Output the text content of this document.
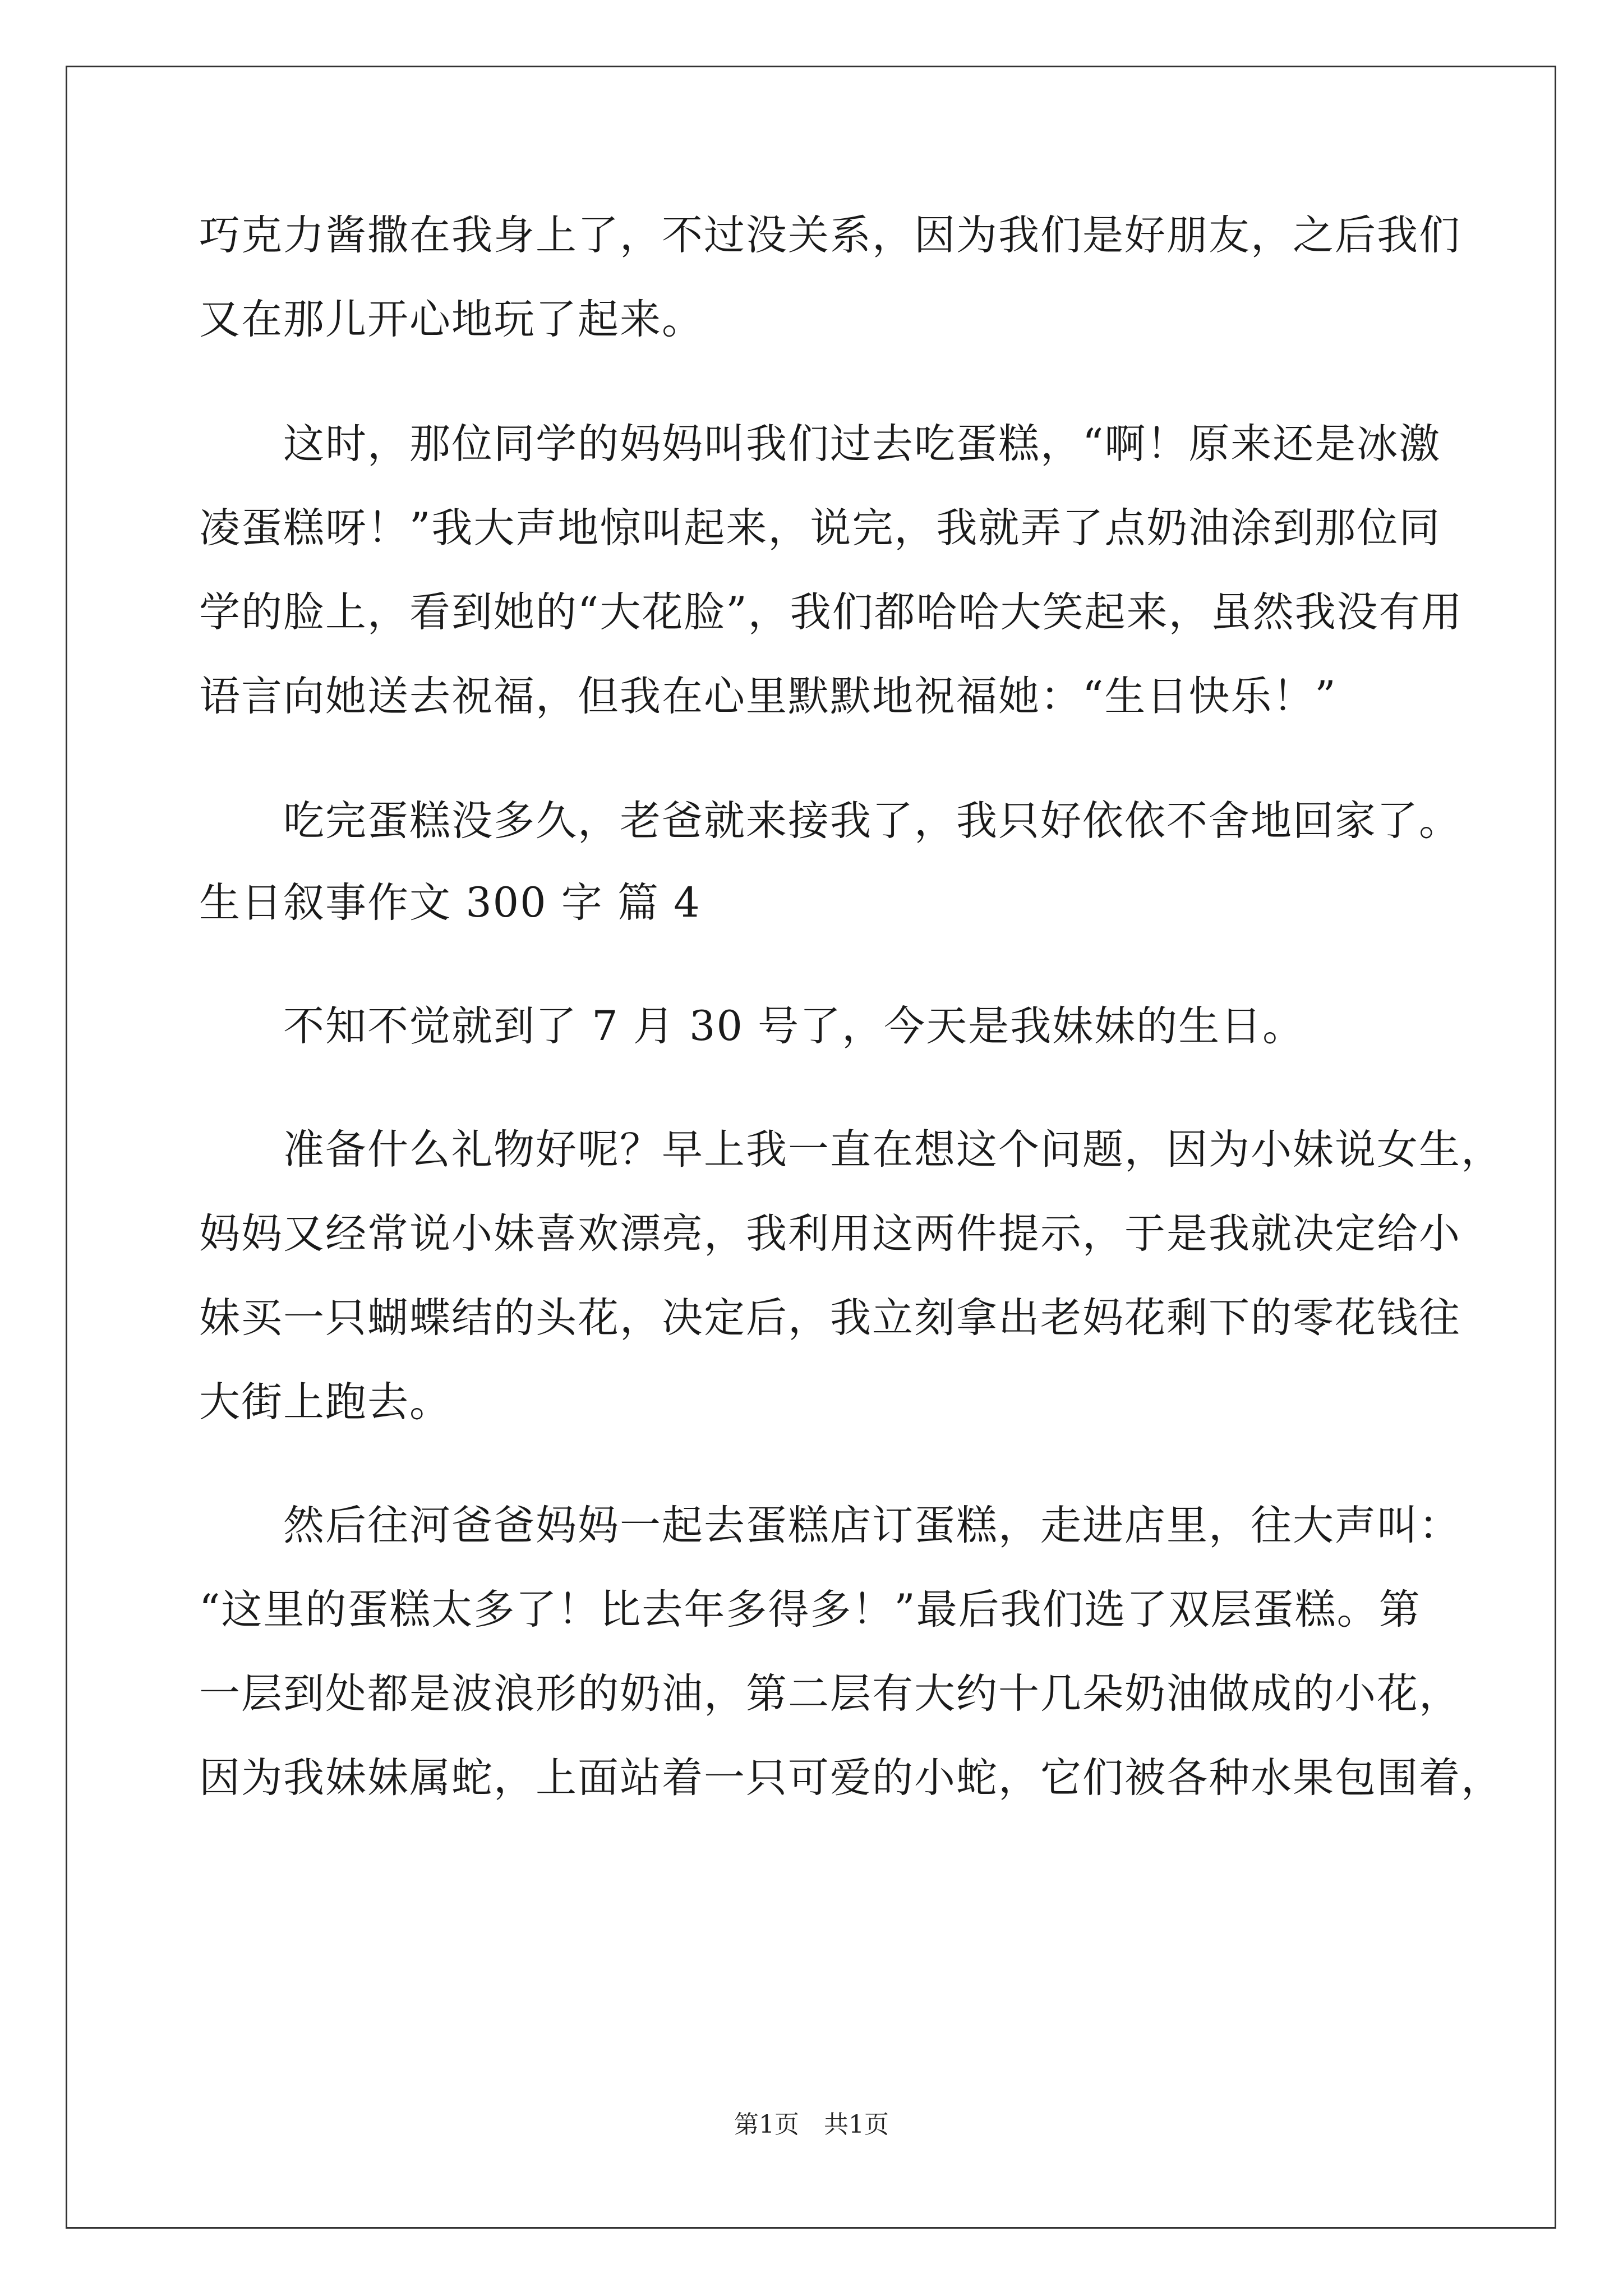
巧克力酱撒在我身上了，不过没关系，因为我们是好朋友，之后我们
又在那儿开心地玩了起来。
　　这时，那位同学的妈妈叫我们过去吃蛋糕，“啊！原来还是冰激
凌蛋糕呀！”我大声地惊叫起来，说完，我就弄了点奶油涂到那位同
学的脸上，看到她的“大花脸”，我们都哈哈大笑起来，虽然我没有用
语言向她送去祝福，但我在心里默默地祝福她：“生日快乐！”
　　吃完蛋糕没多久，老爸就来接我了，我只好依依不舍地回家了。
生日叙事作文 300 字 篇 4
　　不知不觉就到了 7 月 30 号了，今天是我妹妹的生日。
　　准备什么礼物好呢？早上我一直在想这个问题，因为小妹说女生，
妈妈又经常说小妹喜欢漂亮，我利用这两件提示，于是我就决定给小
妹买一只蝴蝶结的头花，决定后，我立刻拿出老妈花剩下的零花钱往
大街上跑去。
　　然后往河爸爸妈妈一起去蛋糕店订蛋糕，走进店里，往大声叫：
“这里的蛋糕太多了！比去年多得多！”最后我们选了双层蛋糕。第
一层到处都是波浪形的奶油，第二层有大约十几朵奶油做成的小花，
因为我妹妹属蛇，上面站着一只可爱的小蛇，它们被各种水果包围着，
第1页　共1页
